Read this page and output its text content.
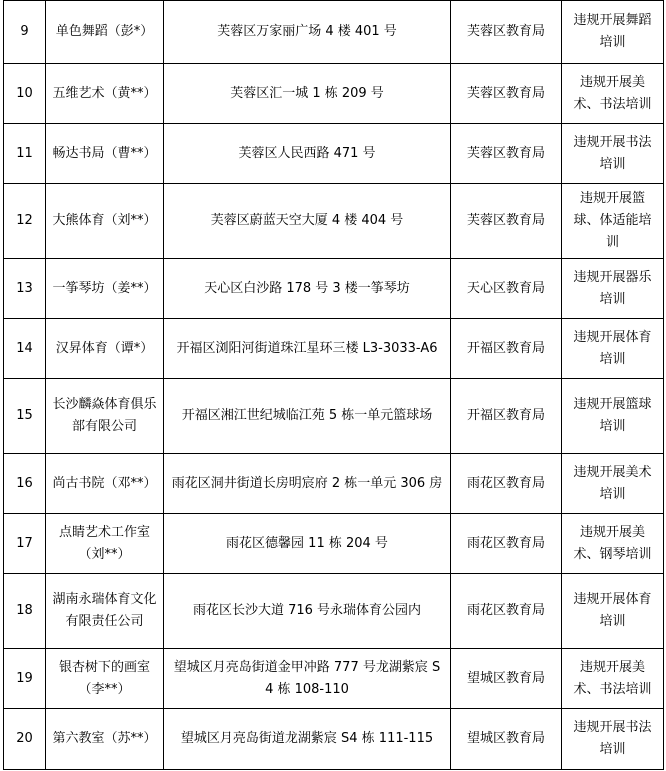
9	单色舞蹈（彭*）	芙蓉区万家丽广场 4 楼 401 号	芙蓉区教育局	违规开展舞蹈培训
10	五维艺术（黄**）	芙蓉区汇一城 1 栋 209 号	芙蓉区教育局	违规开展美术、书法培训
11	畅达书局（曹**）	芙蓉区人民西路 471 号	芙蓉区教育局	违规开展书法培训
12	大熊体育（刘**）	芙蓉区蔚蓝天空大厦 4 楼 404 号	芙蓉区教育局	违规开展篮球、体适能培训
13	一筝琴坊（姜**）	天心区白沙路 178 号 3 楼一筝琴坊	天心区教育局	违规开展器乐培训
14	汉昇体育（谭*）	开福区浏阳河街道珠江星环三楼 L3-3033-A6	开福区教育局	违规开展体育培训
15	长沙麟焱体育俱乐部有限公司	开福区湘江世纪城临江苑 5 栋一单元篮球场	开福区教育局	违规开展篮球培训
16	尚古书院（邓**）	雨花区洞井街道长房明宸府 2 栋一单元 306 房	雨花区教育局	违规开展美术培训
17	点睛艺术工作室（刘**）	雨花区德馨园 11 栋 204 号	雨花区教育局	违规开展美术、钢琴培训
18	湖南永瑞体育文化有限责任公司	雨花区长沙大道 716 号永瑞体育公园内	雨花区教育局	违规开展体育培训
19	银杏树下的画室（李**）	望城区月亮岛街道金甲冲路 777 号龙湖紫宸 S4 栋 108-110	望城区教育局	违规开展美术、书法培训
20	第六教室（苏**）	望城区月亮岛街道龙湖紫宸 S4 栋 111-115	望城区教育局	违规开展书法培训
